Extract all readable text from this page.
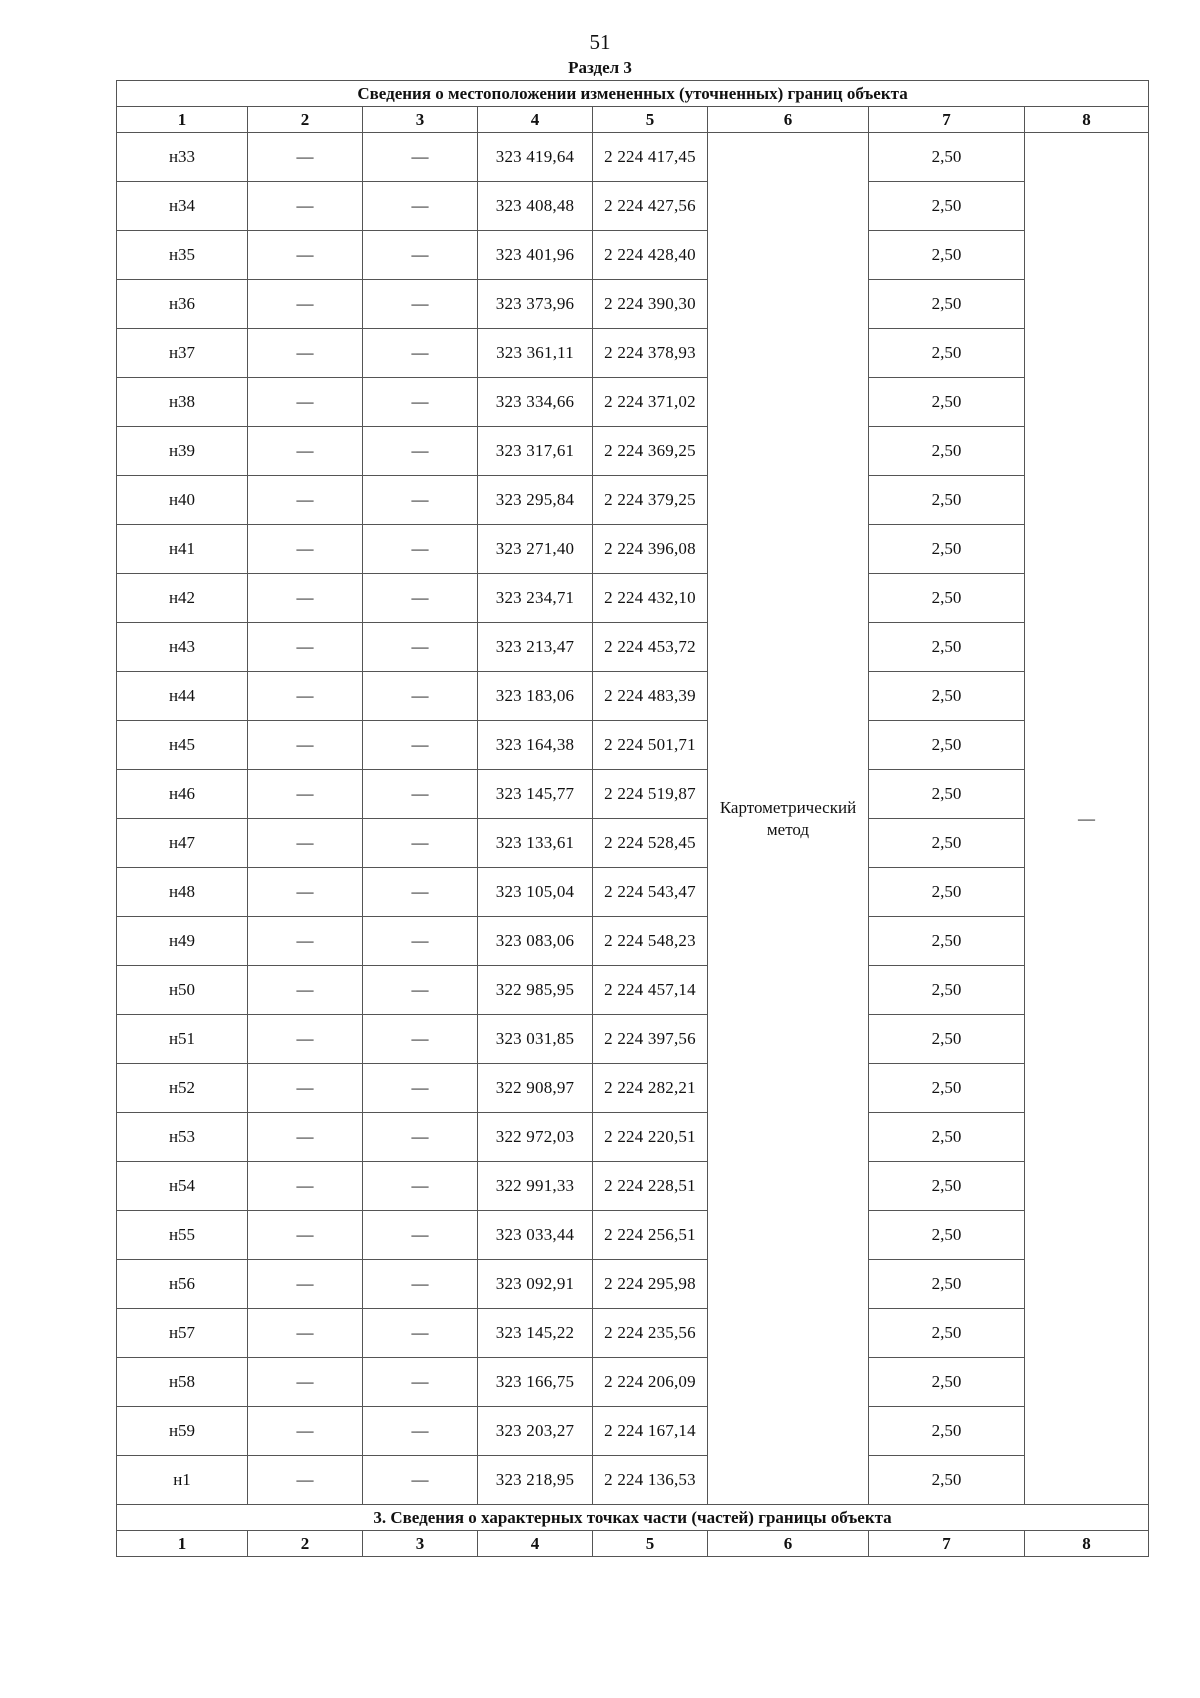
51
Раздел 3
Сведения о местоположении измененных (уточненных) границ объекта							
1	2	3	4	5	6	7	8
н33	—	—	323 419,64	2 224 417,45	Картометрический метод	2,50	—
н34	—	—	323 408,48	2 224 427,56		2,50	
н35	—	—	323 401,96	2 224 428,40		2,50	
н36	—	—	323 373,96	2 224 390,30		2,50	
н37	—	—	323 361,11	2 224 378,93		2,50	
н38	—	—	323 334,66	2 224 371,02		2,50	
н39	—	—	323 317,61	2 224 369,25		2,50	
н40	—	—	323 295,84	2 224 379,25		2,50	
н41	—	—	323 271,40	2 224 396,08		2,50	
н42	—	—	323 234,71	2 224 432,10		2,50	
н43	—	—	323 213,47	2 224 453,72		2,50	
н44	—	—	323 183,06	2 224 483,39		2,50	
н45	—	—	323 164,38	2 224 501,71		2,50	
н46	—	—	323 145,77	2 224 519,87		2,50	
н47	—	—	323 133,61	2 224 528,45		2,50	
н48	—	—	323 105,04	2 224 543,47		2,50	
н49	—	—	323 083,06	2 224 548,23		2,50	
н50	—	—	322 985,95	2 224 457,14		2,50	
н51	—	—	323 031,85	2 224 397,56		2,50	
н52	—	—	322 908,97	2 224 282,21		2,50	
н53	—	—	322 972,03	2 224 220,51		2,50	
н54	—	—	322 991,33	2 224 228,51		2,50	
н55	—	—	323 033,44	2 224 256,51		2,50	
н56	—	—	323 092,91	2 224 295,98		2,50	
н57	—	—	323 145,22	2 224 235,56		2,50	
н58	—	—	323 166,75	2 224 206,09		2,50	
н59	—	—	323 203,27	2 224 167,14		2,50	
н1	—	—	323 218,95	2 224 136,53		2,50	
3. Сведения о характерных точках части (частей) границы объекта							
1	2	3	4	5	6	7	8
